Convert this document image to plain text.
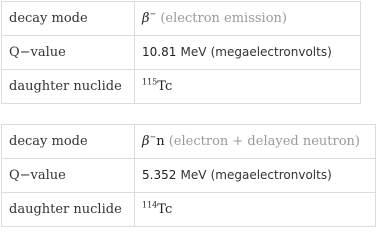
decay mode	β− (electron emission)
Q−value	10.81 MeV (megaelectronvolts)
daughter nuclide	$^{115}$Tc
decay mode	β−n (electron + delayed neutron)
Q−value	5.352 MeV (megaelectronvolts)
daughter nuclide	$^{114}$Tc
